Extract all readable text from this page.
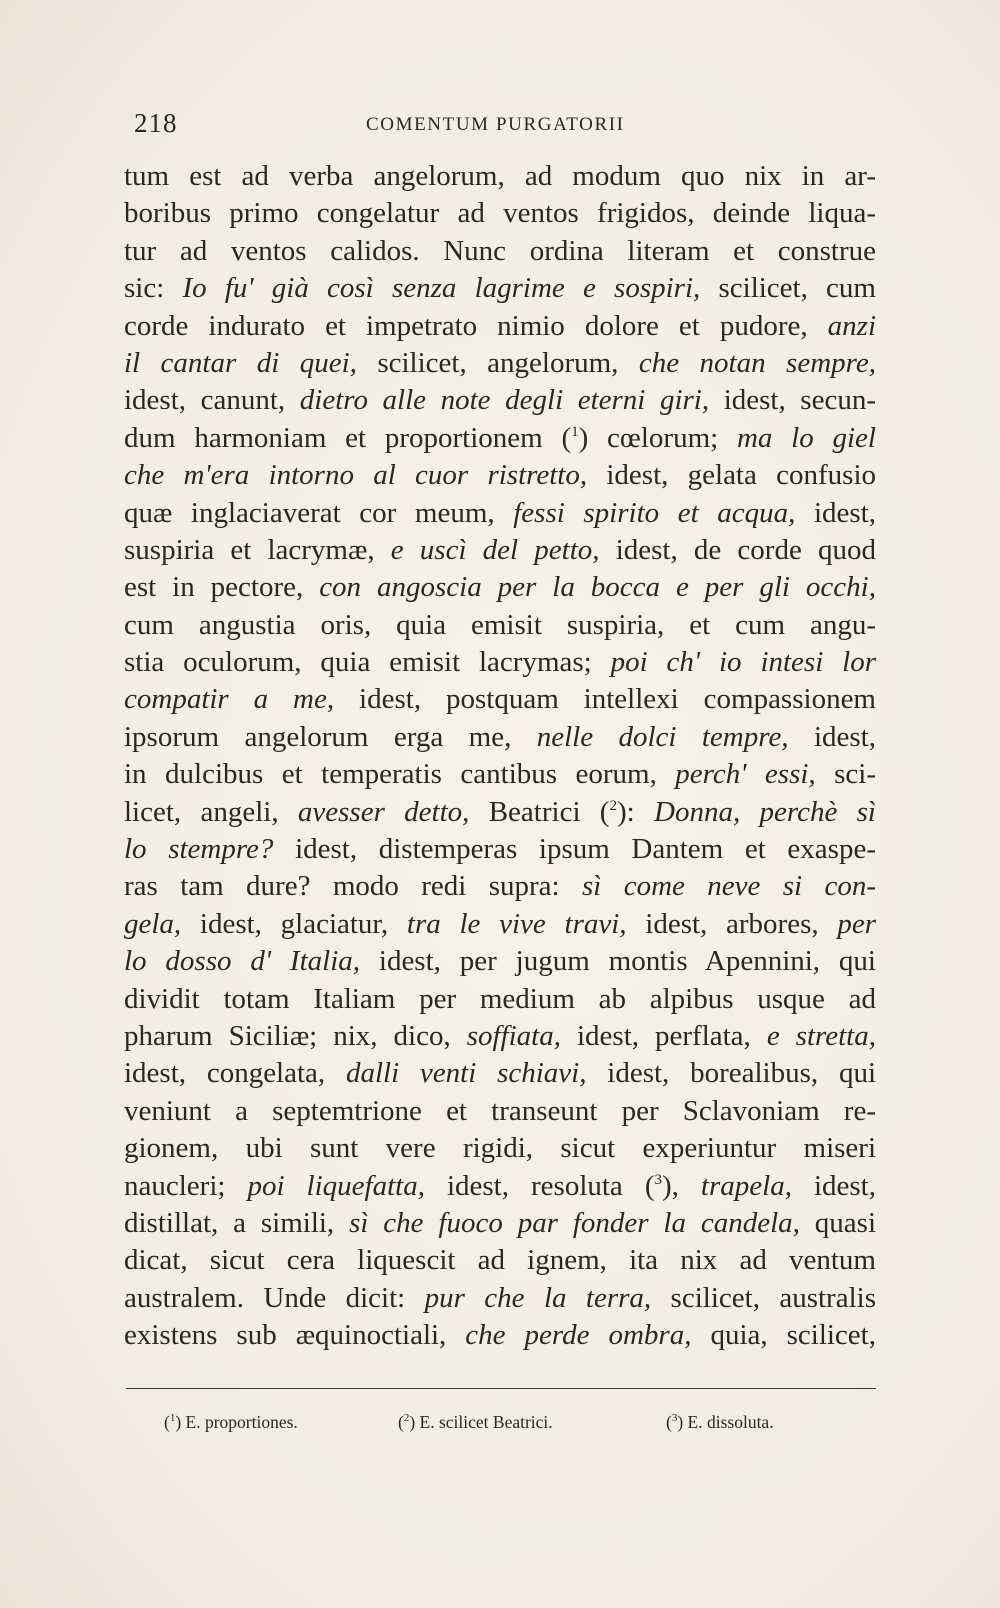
218	COMENTUM PURGATORII
tum est ad verba angelorum, ad modum quo nix in ar-
boribus primo congelatur ad ventos frigidos, deinde liqua-
tur ad ventos calidos. Nunc ordina literam et construe
sic: Io fu' già così senza lagrime e sospiri, scilicet, cum
corde indurato et impetrato nimio dolore et pudore, anzi
il cantar di quei, scilicet, angelorum, che notan sempre,
idest, canunt, dietro alle note degli eterni giri, idest, secun-
dum harmoniam et proportionem ($^1$) cœlorum; ma lo giel
che m'era intorno al cuor ristretto, idest, gelata confusio
quæ inglaciaverat cor meum, fessi spirito et acqua, idest,
suspiria et lacrymæ, e uscì del petto, idest, de corde quod
est in pectore, con angoscia per la bocca e per gli occhi,
cum angustia oris, quia emisit suspiria, et cum angu-
stia oculorum, quia emisit lacrymas; poi ch' io intesi lor
compatir a me, idest, postquam intellexi compassionem
ipsorum angelorum erga me, nelle dolci tempre, idest,
in dulcibus et temperatis cantibus eorum, perch' essi, sci-
licet, angeli, avesser detto, Beatrici ($^2$): Donna, perchè sì
lo stempre? idest, distemperas ipsum Dantem et exaspe-
ras tam dure? modo redi supra: sì come neve si con-
gela, idest, glaciatur, tra le vive travi, idest, arbores, per
lo dosso d' Italia, idest, per jugum montis Apennini, qui
dividit totam Italiam per medium ab alpibus usque ad
pharum Siciliæ; nix, dico, soffiata, idest, perflata, e stretta,
idest, congelata, dalli venti schiavi, idest, borealibus, qui
veniunt a septemtrione et transeunt per Sclavoniam re-
gionem, ubi sunt vere rigidi, sicut experiuntur miseri
naucleri; poi liquefatta, idest, resoluta ($^3$), trapela, idest,
distillat, a simili, sì che fuoco par fonder la candela, quasi
dicat, sicut cera liquescit ad ignem, ita nix ad ventum
australem. Unde dicit: pur che la terra, scilicet, australis
existens sub æquinoctiali, che perde ombra, quia, scilicet,
($^1$) E. proportiones.	($^2$) E. scilicet Beatrici.	($^3$) E. dissoluta.
